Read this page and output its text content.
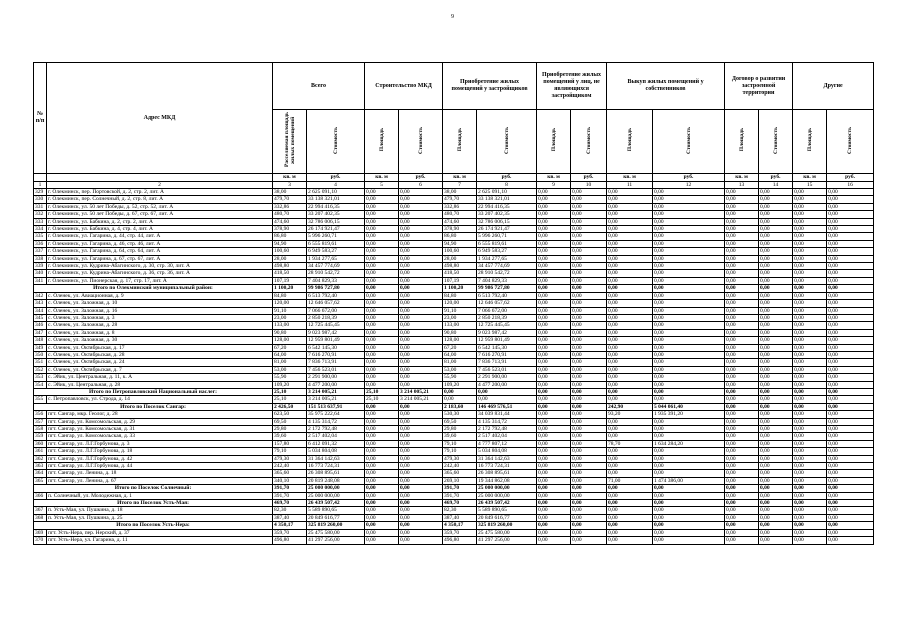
9
№ п/п	Адрес МКД	Всего		Строительство МКД		Приобретение жилых помещений у застройщиков		Приобретение жилых помещений у лиц, не являющихся застройщиком		Выкуп жилых помещений у собственников		Договор о развитии застроенной территории		Другие	
		Расселяемая площадь жилых помещений	Стоимость	Площадь	Стоимость	Площадь	Стоимость	Площадь	Стоимость	Площадь	Стоимость	Площадь	Стоимость	Площадь	Стоимость
		кв. м	руб.	кв. м	руб.	кв. м	руб.	кв. м	руб.	кв. м	руб.	кв. м	руб.	кв. м	руб.
1	2	3	4	5	6	7	8	9	10	11	12	13	14	15	16
329	г. Олекминск, пер. Портовской, д. 2, стр. 2, лит. А	38,00	2 625 091,10	0,00	0,00	38,00	2 625 091,10	0,00	0,00	0,00	0,00	0,00	0,00	0,00	0,00
330	г. Олекминск, пер. Солнечный, д. 2, стр. 8, лит. А	479,70	33 138 321,01	0,00	0,00	479,70	33 138 321,01	0,00	0,00	0,00	0,00	0,00	0,00	0,00	0,00
331	г. Олекминск, ул. 50 лет Победы, д. 52, стр. 52, лит. А	332,86	22 994 416,35	0,00	0,00	332,86	22 994 416,35	0,00	0,00	0,00	0,00	0,00	0,00	0,00	0,00
332	г. Олекминск, ул. 50 лет Победы, д. 67, стр. 67, лит. А	480,70	33 207 402,35	0,00	0,00	480,70	33 207 402,35	0,00	0,00	0,00	0,00	0,00	0,00	0,00	0,00
333	г. Олекминск, ул. Бабкина, д. 2, стр. 2, лит. А	474,60	32 786 006,15	0,00	0,00	474,60	32 786 006,15	0,00	0,00	0,00	0,00	0,00	0,00	0,00	0,00
334	г. Олекминск, ул. Бабкина, д. 4, стр. 4, лит. А	378,90	26 174 921,47	0,00	0,00	378,90	26 174 921,47	0,00	0,00	0,00	0,00	0,00	0,00	0,00	0,00
335	г. Олекминск, ул. Гагарина, д. 44, стр. 44, лит. А	86,80	5 996 260,71	0,00	0,00	86,80	5 996 260,71	0,00	0,00	0,00	0,00	0,00	0,00	0,00	0,00
336	г. Олекминск, ул. Гагарина, д. 46, стр. 46, лит. А	94,90	6 555 819,61	0,00	0,00	94,90	6 555 819,61	0,00	0,00	0,00	0,00	0,00	0,00	0,00	0,00
337	г. Олекминск, ул. Гагарина, д. 64, стр. 64, лит. А	100,60	6 949 583,27	0,00	0,00	100,60	6 949 583,27	0,00	0,00	0,00	0,00	0,00	0,00	0,00	0,00
338	г. Олекминск, ул. Гагарина, д. 67, стр. 67, лит. А	28,00	1 934 277,65	0,00	0,00	28,00	1 934 277,65	0,00	0,00	0,00	0,00	0,00	0,00	0,00	0,00
339	г. Олекминск, ул. Кудрина-Абагинского, д. 30, стр. 30, лит. А	498,80	34 457 774,69	0,00	0,00	498,80	34 457 774,69	0,00	0,00	0,00	0,00	0,00	0,00	0,00	0,00
340	г. Олекминск, ул. Кудрина-Абагинского, д. 36, стр. 36, лит. А	418,50	28 910 542,72	0,00	0,00	418,50	28 910 542,72	0,00	0,00	0,00	0,00	0,00	0,00	0,00	0,00
341	г. Олекминск, ул. Пионерская, д. 17, стр. 17, лит. А	107,19	7 404 829,33	0,00	0,00	107,19	7 404 829,33	0,00	0,00	0,00	0,00	0,00	0,00	0,00	0,00
Итого по Олекминский муниципальный район:		1 100,20	99 986 727,80	0,00	0,00	1 100,20	99 986 727,80	0,00	0,00	0,00	0,00	0,00	0,00	0,00	0,00
342	с. Оленек, ул. Авиационная, д. 9	84,80	6 513 792,40	0,00	0,00	84,80	6 513 792,40	0,00	0,00	0,00	0,00	0,00	0,00	0,00	0,00
343	с. Оленек, ул. Заложная, д. 10	120,00	12 646 057,62	0,00	0,00	120,00	12 646 057,62	0,00	0,00	0,00	0,00	0,00	0,00	0,00	0,00
344	с. Оленек, ул. Заложная, д. 16	91,10	7 066 672,00	0,00	0,00	91,10	7 066 672,00	0,00	0,00	0,00	0,00	0,00	0,00	0,00	0,00
345	с. Оленек, ул. Заложная, д. 3	23,00	2 850 218,39	0,00	0,00	23,00	2 850 218,39	0,00	0,00	0,00	0,00	0,00	0,00	0,00	0,00
346	с. Оленек, ул. Заложная, д. 28	133,00	12 725 445,45	0,00	0,00	133,00	12 725 445,45	0,00	0,00	0,00	0,00	0,00	0,00	0,00	0,00
347	с. Оленек, ул. Заложная, д. 8	90,80	9 023 987,42	0,00	0,00	90,80	9 023 987,42	0,00	0,00	0,00	0,00	0,00	0,00	0,00	0,00
348	с. Оленек, ул. Заложная, д. 30	128,00	12 959 801,49	0,00	0,00	128,00	12 959 801,49	0,00	0,00	0,00	0,00	0,00	0,00	0,00	0,00
349	с. Оленек, ул. Октябрьская, д. 17	67,20	6 542 145,30	0,00	0,00	67,20	6 542 145,30	0,00	0,00	0,00	0,00	0,00	0,00	0,00	0,00
350	с. Оленек, ул. Октябрьская, д. 28	64,00	7 616 270,91	0,00	0,00	64,00	7 616 270,91	0,00	0,00	0,00	0,00	0,00	0,00	0,00	0,00
351	с. Оленек, ул. Октябрьская, д. 24	81,00	7 836 713,91	0,00	0,00	81,00	7 836 713,91	0,00	0,00	0,00	0,00	0,00	0,00	0,00	0,00
352	с. Оленек, ул. Октябрьская, д. 7	53,00	7 456 523,01	0,00	0,00	53,00	7 456 523,01	0,00	0,00	0,00	0,00	0,00	0,00	0,00	0,00
353	с. Эйик, ул. Центральная, д. 11, к. А	55,90	2 291 900,00	0,00	0,00	55,90	2 291 900,00	0,00	0,00	0,00	0,00	0,00	0,00	0,00	0,00
354	с. Эйик, ул. Центральная, д. 28	109,20	4 477 200,00	0,00	0,00	109,20	4 477 200,00	0,00	0,00	0,00	0,00	0,00	0,00	0,00	0,00
Итого по Петропавловский Национальный наслег:		25,10	3 214 005,21	25,10	3 214 005,21	0,00	0,00	0,00	0,00	0,00	0,00	0,00	0,00	0,00	0,00
355	с. Петропавловск, ул. Строда, д. 14	25,10	3 214 005,21	25,10	3 214 005,21	0,00	0,00	0,00	0,00	0,00	0,00	0,00	0,00	0,00	0,00
Итого по Поселок Сангар:		2 426,50	151 513 637,91	0,00	0,00	2 183,60	146 469 576,51	0,00	0,00	242,90	5 044 061,40	0,00	0,00	0,00	0,00
356	пгт. Сангар, мкр. Геолог, д. 28	623,50	35 975 222,64	0,00	0,00	530,30	34 039 831,44	0,00	0,00	93,20	1 935 391,20	0,00	0,00	0,00	0,00
357	пгт. Сангар, ул. Комсомольская, д. 29	69,50	4 135 314,72	0,00	0,00	69,50	4 135 314,72	0,00	0,00	0,00	0,00	0,00	0,00	0,00	0,00
358	пгт. Сангар, ул. Комсомольская, д. 31	29,80	2 172 792,48	0,00	0,00	29,80	2 172 792,48	0,00	0,00	0,00	0,00	0,00	0,00	0,00	0,00
359	пгт. Сангар, ул. Комсомольская, д. 33	39,60	2 517 402,04	0,00	0,00	39,60	2 517 402,04	0,00	0,00	0,00	0,00	0,00	0,00	0,00	0,00
360	пгт. Сангар, ул. Л.Г.Горбунова, д. 3	157,80	6 412 091,32	0,00	0,00	79,10	4 777 807,12	0,00	0,00	78,70	1 634 284,20	0,00	0,00	0,00	0,00
361	пгт. Сангар, ул. Л.Г.Горбунова, д. 18	79,10	5 034 804,08	0,00	0,00	79,10	5 034 804,08	0,00	0,00	0,00	0,00	0,00	0,00	0,00	0,00
362	пгт. Сангар, ул. Л.Г.Горбунова, д. 42	479,30	31 364 142,63	0,00	0,00	479,30	31 364 142,63	0,00	0,00	0,00	0,00	0,00	0,00	0,00	0,00
363	пгт. Сангар, ул. Л.Г.Горбунова, д. 44	242,40	16 773 724,31	0,00	0,00	242,40	16 773 724,31	0,00	0,00	0,00	0,00	0,00	0,00	0,00	0,00
364	пгт. Сангар, ул. Ленина, д. 18	365,60	26 308 895,61	0,00	0,00	365,60	26 308 895,61	0,00	0,00	0,00	0,00	0,00	0,00	0,00	0,00
365	пгт. Сангар, ул. Ленина, д. 67	340,10	20 819 248,08	0,00	0,00	269,10	19 344 862,08	0,00	0,00	71,00	1 474 386,00	0,00	0,00	0,00	0,00
Итого по Поселок Солнечный:		391,70	25 000 000,00	0,00	0,00	391,70	25 000 000,00	0,00	0,00	0,00	0,00	0,00	0,00	0,00	0,00
366	п. Солнечный, ул. Молодежная, д. 1	391,70	25 000 000,00	0,00	0,00	391,70	25 000 000,00	0,00	0,00	0,00	0,00	0,00	0,00	0,00	0,00
Итого по Поселок Усть-Мая:		469,70	26 439 507,42	0,00	0,00	469,70	26 439 507,42	0,00	0,00	0,00	0,00	0,00	0,00	0,00	0,00
367	п. Усть-Мая, ул. Пушкина, д. 18	82,30	5 589 890,65	0,00	0,00	82,30	5 589 890,65	0,00	0,00	0,00	0,00	0,00	0,00	0,00	0,00
368	п. Усть-Мая, ул. Пушкина, д. 25	387,40	20 849 616,77	0,00	0,00	387,40	20 849 616,77	0,00	0,00	0,00	0,00	0,00	0,00	0,00	0,00
Итого по Поселок Усть-Нера:		4 350,17	325 819 260,00	0,00	0,00	4 350,17	325 819 260,00	0,00	0,00	0,00	0,00	0,00	0,00	0,00	0,00
369	пгт. Усть-Нера, пер. Нерский, д. 37	359,70	25 475 580,00	0,00	0,00	359,70	25 475 580,00	0,00	0,00	0,00	0,00	0,00	0,00	0,00	0,00
370	пгт. Усть-Нера, ул. Гагарина, д. 11	496,80	41 297 256,00	0,00	0,00	496,80	41 297 256,00	0,00	0,00	0,00	0,00	0,00	0,00	0,00	0,00
